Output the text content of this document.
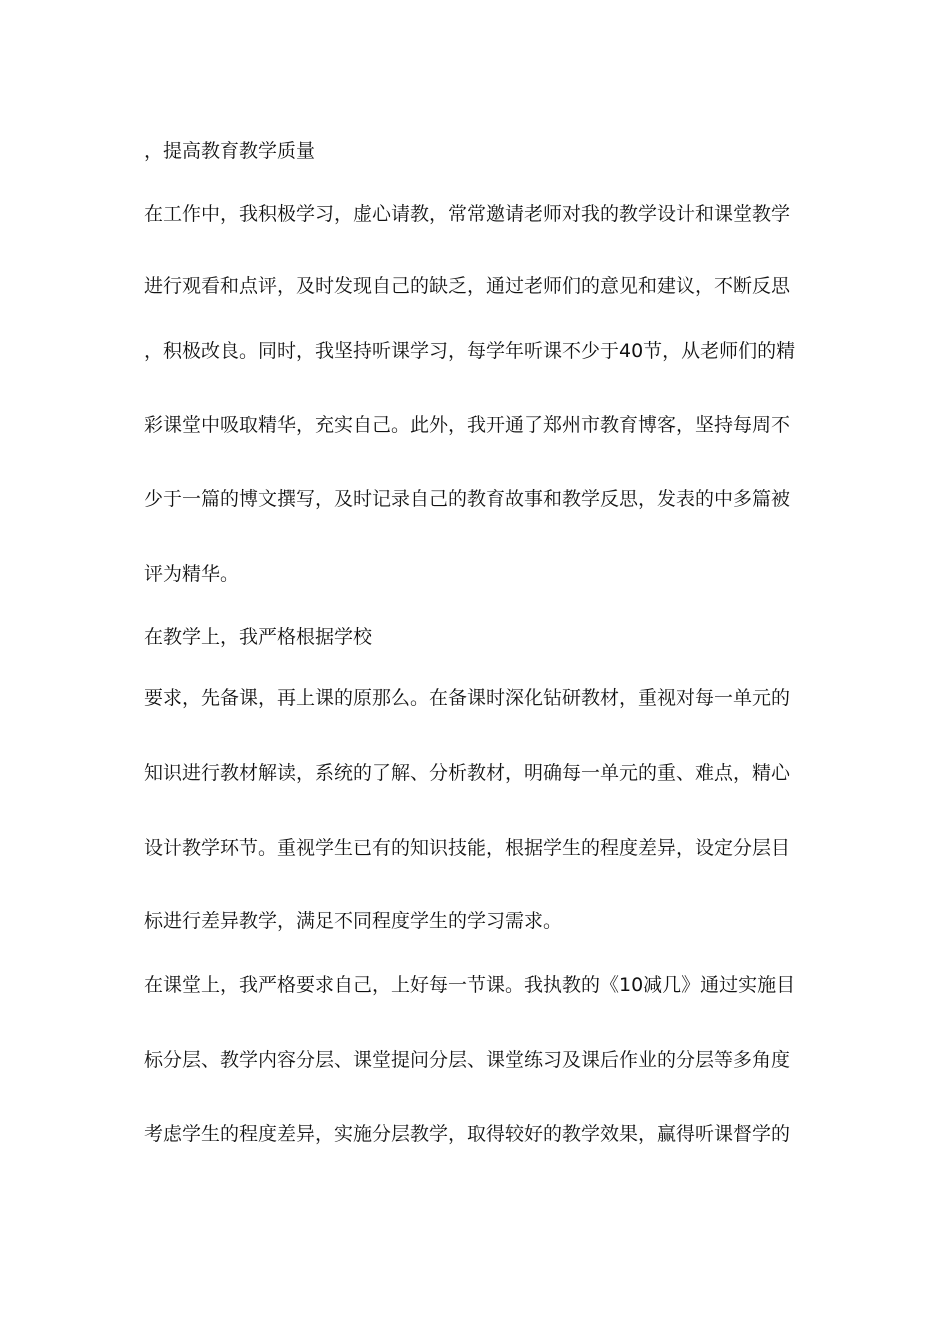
，提高教育教学质量
在工作中，我积极学习，虚心请教，常常邀请老师对我的教学设计和课堂教学
进行观看和点评，及时发现自己的缺乏，通过老师们的意见和建议，不断反思
，积极改良。同时，我坚持听课学习，每学年听课不少于40节，从老师们的精
彩课堂中吸取精华，充实自己。此外，我开通了郑州市教育博客，坚持每周不
少于一篇的博文撰写，及时记录自己的教育故事和教学反思，发表的中多篇被
评为精华。
在教学上，我严格根据学校
要求，先备课，再上课的原那么。在备课时深化钻研教材，重视对每一单元的
知识进行教材解读，系统的了解、分析教材，明确每一单元的重、难点，精心
设计教学环节。重视学生已有的知识技能，根据学生的程度差异，设定分层目
标进行差异教学，满足不同程度学生的学习需求。
在课堂上，我严格要求自己，上好每一节课。我执教的《10减几》通过实施目
标分层、教学内容分层、课堂提问分层、课堂练习及课后作业的分层等多角度
考虑学生的程度差异，实施分层教学，取得较好的教学效果，赢得听课督学的
